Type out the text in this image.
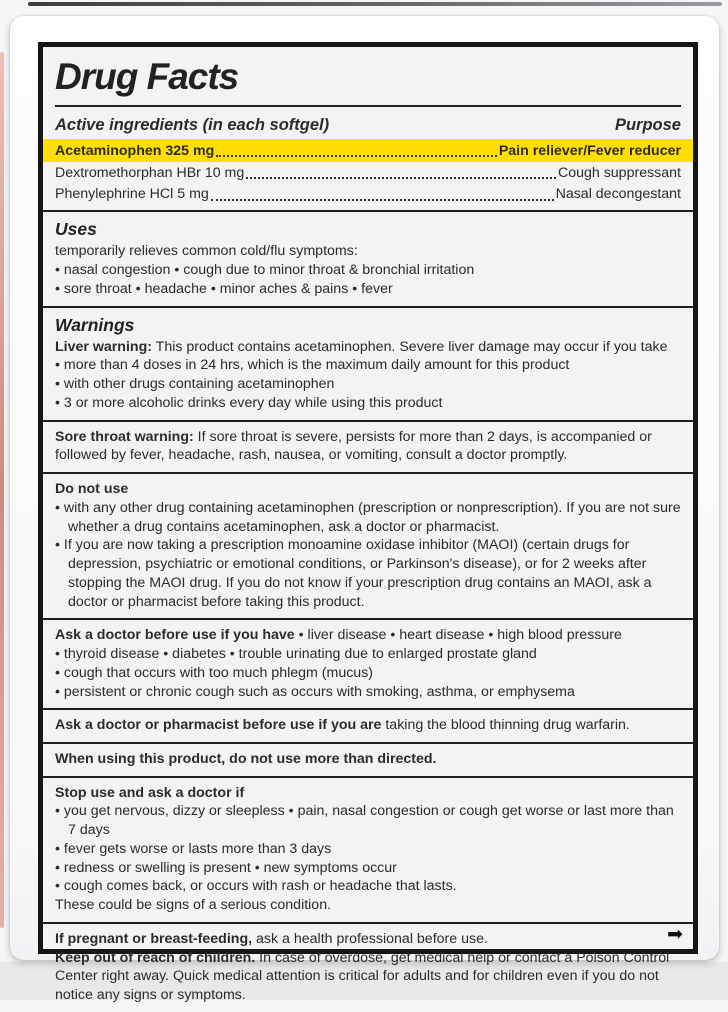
Drug Facts
Active ingredients (in each softgel)	Purpose
Acetaminophen 325 mg	Pain reliever/Fever reducer
Dextromethorphan HBr 10 mg	Cough suppressant
Phenylephrine HCl 5 mg	Nasal decongestant
Uses
temporarily relieves common cold/flu symptoms:
• nasal congestion • cough due to minor throat & bronchial irritation
• sore throat • headache • minor aches & pains • fever
Warnings
Liver warning: This product contains acetaminophen. Severe liver damage may occur if you take
• more than 4 doses in 24 hrs, which is the maximum daily amount for this product
• with other drugs containing acetaminophen
• 3 or more alcoholic drinks every day while using this product
Sore throat warning: If sore throat is severe, persists for more than 2 days, is accompanied or followed by fever, headache, rash, nausea, or vomiting, consult a doctor promptly.
Do not use
• with any other drug containing acetaminophen (prescription or nonprescription). If you are not sure whether a drug contains acetaminophen, ask a doctor or pharmacist.
• If you are now taking a prescription monoamine oxidase inhibitor (MAOI) (certain drugs for depression, psychiatric or emotional conditions, or Parkinson's disease), or for 2 weeks after stopping the MAOI drug. If you do not know if your prescription drug contains an MAOI, ask a doctor or pharmacist before taking this product.
Ask a doctor before use if you have • liver disease • heart disease • high blood pressure
• thyroid disease • diabetes • trouble urinating due to enlarged prostate gland
• cough that occurs with too much phlegm (mucus)
• persistent or chronic cough such as occurs with smoking, asthma, or emphysema
Ask a doctor or pharmacist before use if you are taking the blood thinning drug warfarin.
When using this product, do not use more than directed.
Stop use and ask a doctor if
• you get nervous, dizzy or sleepless • pain, nasal congestion or cough get worse or last more than 7 days
• fever gets worse or lasts more than 3 days
• redness or swelling is present • new symptoms occur
• cough comes back, or occurs with rash or headache that lasts.
These could be signs of a serious condition.
If pregnant or breast-feeding, ask a health professional before use.
Keep out of reach of children. In case of overdose, get medical help or contact a Poison Control Center right away. Quick medical attention is critical for adults and for children even if you do not notice any signs or symptoms.
➡
